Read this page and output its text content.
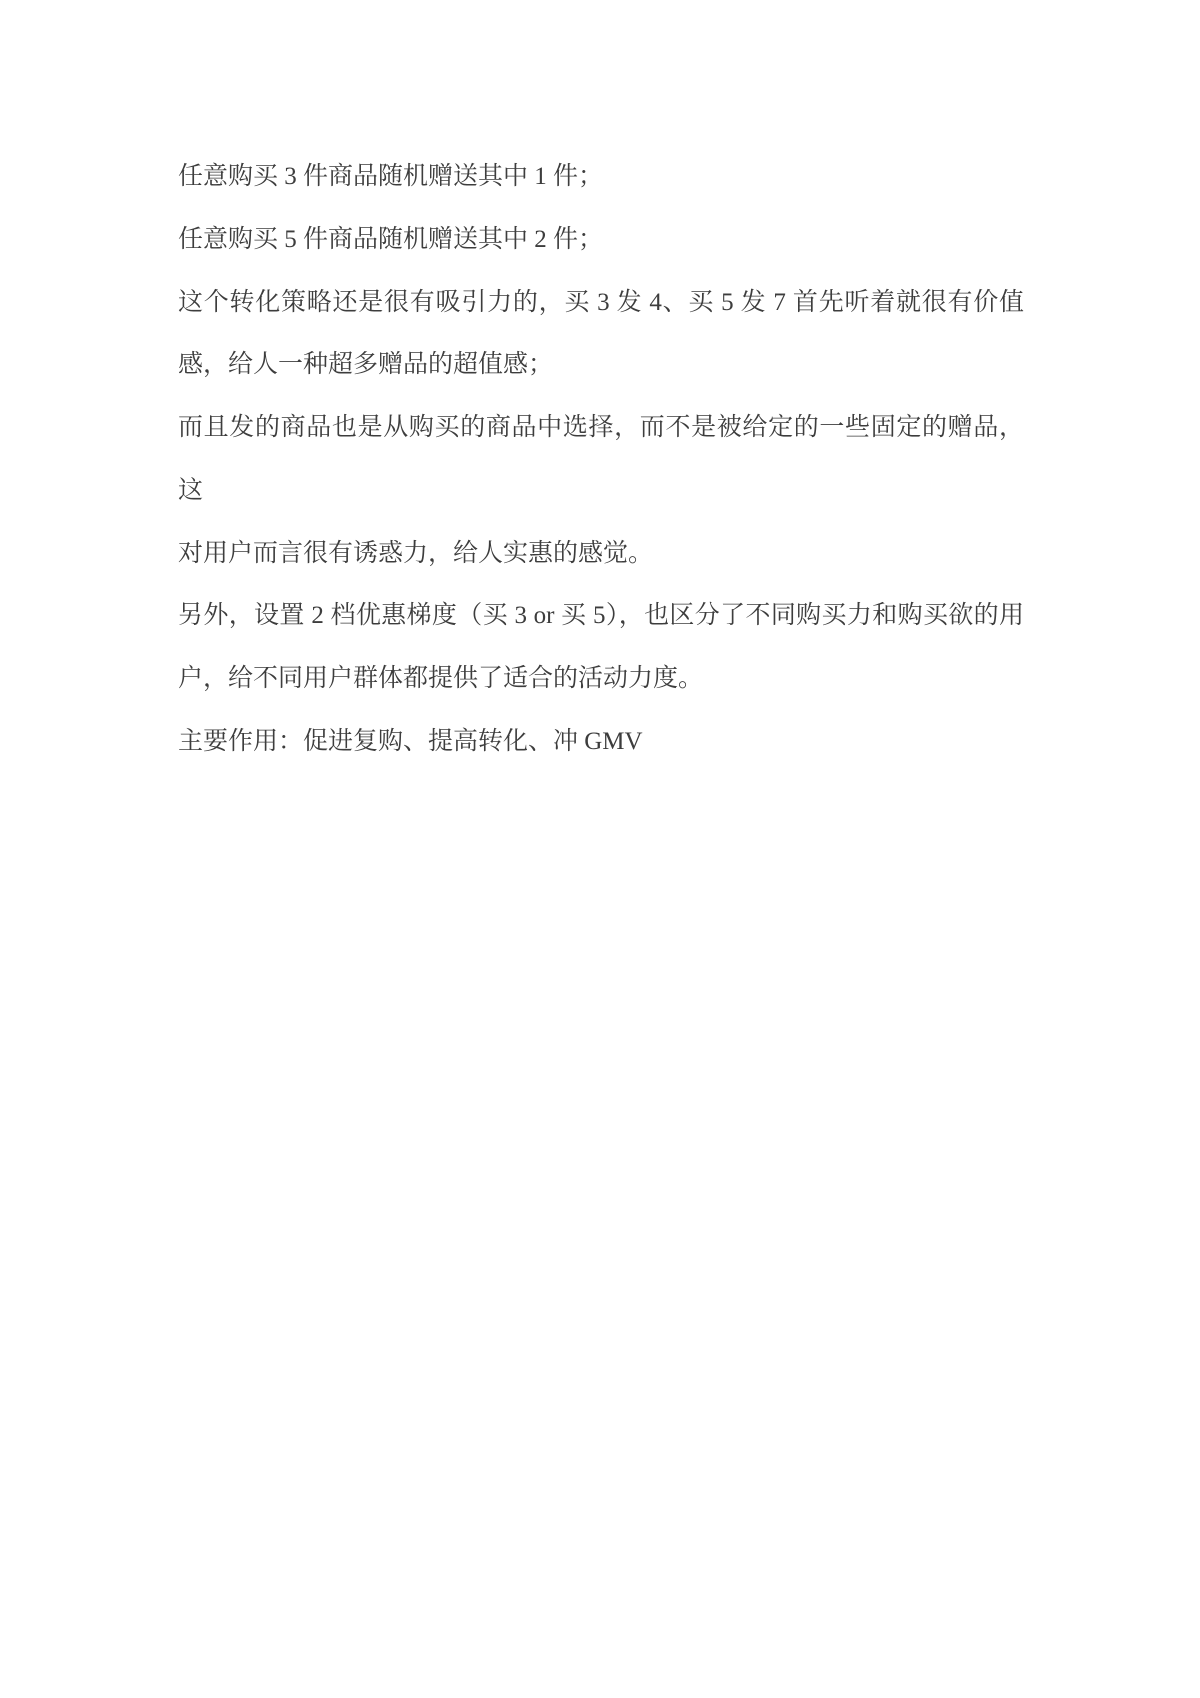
任意购买 3 件商品随机赠送其中 1 件；

任意购买 5 件商品随机赠送其中 2 件；

这个转化策略还是很有吸引力的，买 3 发 4、买 5 发 7 首先听着就很有价值
感，给人一种超多赠品的超值感；

而且发的商品也是从购买的商品中选择，而不是被给定的一些固定的赠品，这
对用户而言很有诱惑力，给人实惠的感觉。

另外，设置 2 档优惠梯度（买 3 or 买 5），也区分了不同购买力和购买欲的用
户，给不同用户群体都提供了适合的活动力度。

主要作用：促进复购、提高转化、冲 GMV
